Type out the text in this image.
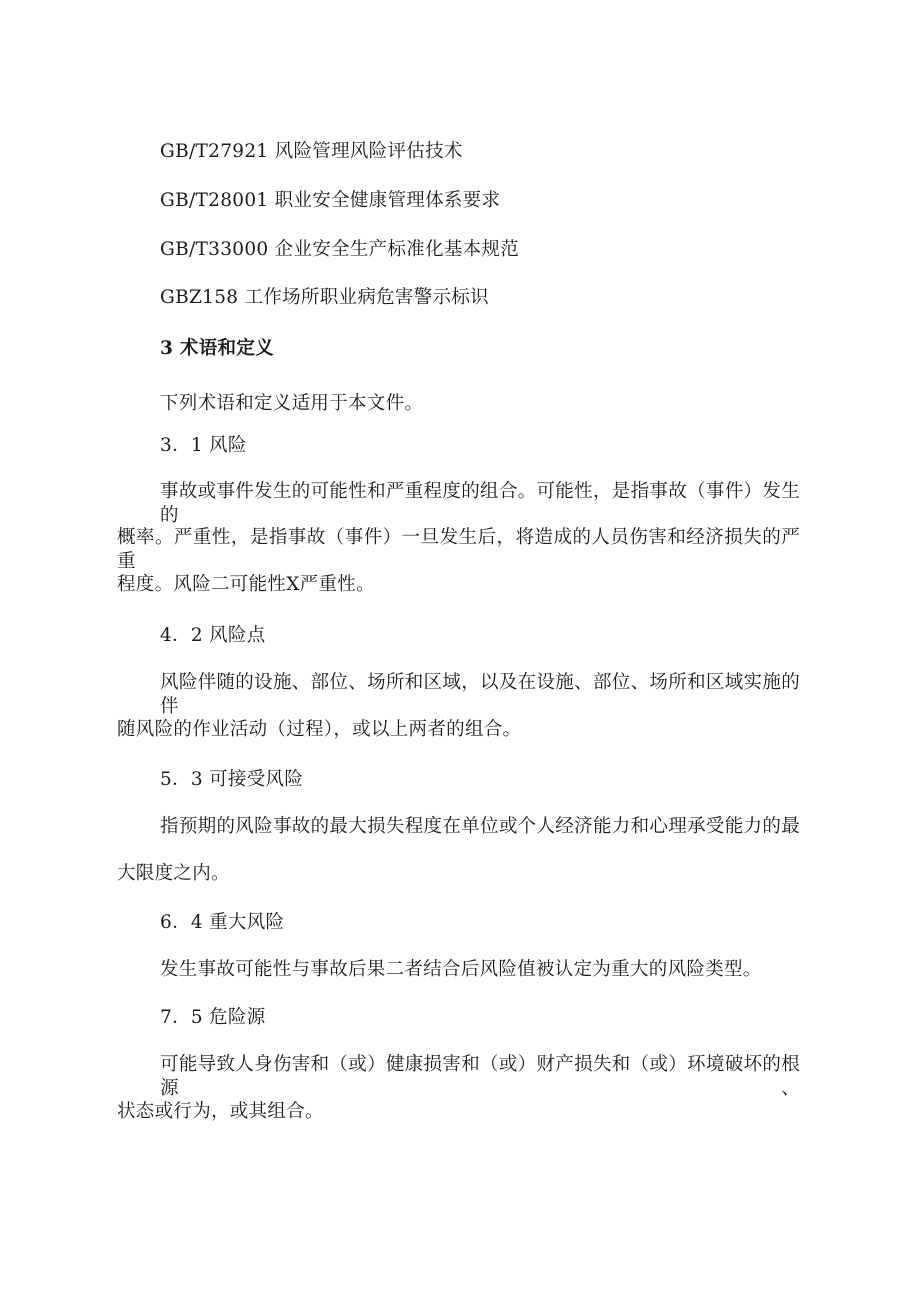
GB/T27921 风险管理风险评估技术
GB/T28001 职业安全健康管理体系要求
GB/T33000 企业安全生产标准化基本规范
GBZ158 工作场所职业病危害警示标识
3 术语和定义
下列术语和定义适用于本文件。
3．1 风险
事故或事件发生的可能性和严重程度的组合。可能性，是指事故（事件）发生的
概率。严重性，是指事故（事件）一旦发生后，将造成的人员伤害和经济损失的严重
程度。风险二可能性X严重性。
4．2 风险点
风险伴随的设施、部位、场所和区域，以及在设施、部位、场所和区域实施的伴
随风险的作业活动（过程），或以上两者的组合。
5．3 可接受风险
指预期的风险事故的最大损失程度在单位或个人经济能力和心理承受能力的最
大限度之内。
6．4 重大风险
发生事故可能性与事故后果二者结合后风险值被认定为重大的风险类型。
7．5 危险源
可能导致人身伤害和（或）健康损害和（或）财产损失和（或）环境破坏的根源、
状态或行为，或其组合。
